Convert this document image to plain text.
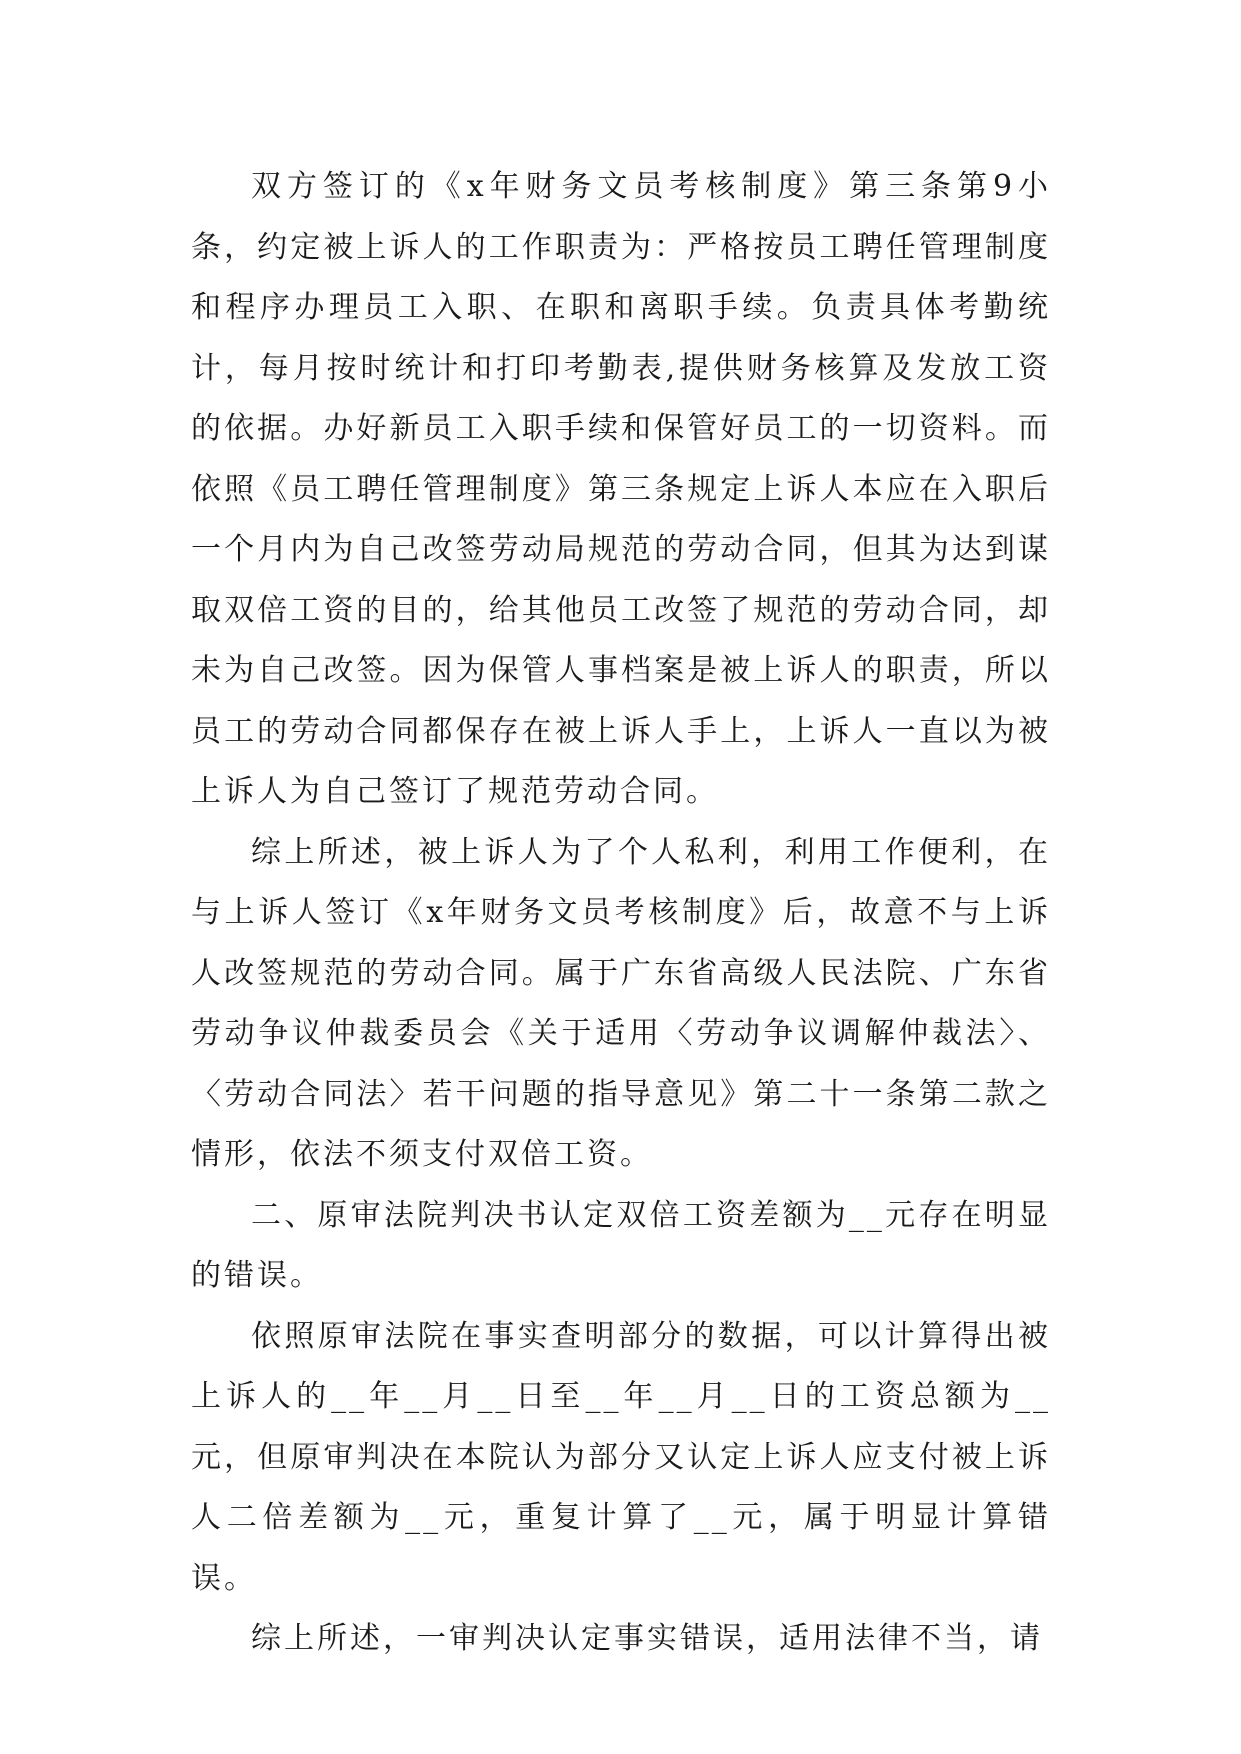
双方签订的《x年财务文员考核制度》第三条第9小条，约定被上诉人的工作职责为：严格按员工聘任管理制度和程序办理员工入职、在职和离职手续。负责具体考勤统计，每月按时统计和打印考勤表,提供财务核算及发放工资的依据。办好新员工入职手续和保管好员工的一切资料。而依照《员工聘任管理制度》第三条规定上诉人本应在入职后一个月内为自己改签劳动局规范的劳动合同，但其为达到谋取双倍工资的目的，给其他员工改签了规范的劳动合同，却未为自己改签。因为保管人事档案是被上诉人的职责，所以员工的劳动合同都保存在被上诉人手上，上诉人一直以为被上诉人为自己签订了规范劳动合同。

综上所述，被上诉人为了个人私利，利用工作便利，在与上诉人签订《x年财务文员考核制度》后，故意不与上诉人改签规范的劳动合同。属于广东省高级人民法院、广东省劳动争议仲裁委员会《关于适用〈劳动争议调解仲裁法〉、〈劳动合同法〉若干问题的指导意见》第二十一条第二款之情形，依法不须支付双倍工资。

二、原审法院判决书认定双倍工资差额为__元存在明显的错误。

依照原审法院在事实查明部分的数据，可以计算得出被上诉人的__年__月__日至__年__月__日的工资总额为__元，但原审判决在本院认为部分又认定上诉人应支付被上诉人二倍差额为__元，重复计算了__元，属于明显计算错误。

综上所述，一审判决认定事实错误，适用法律不当，请
